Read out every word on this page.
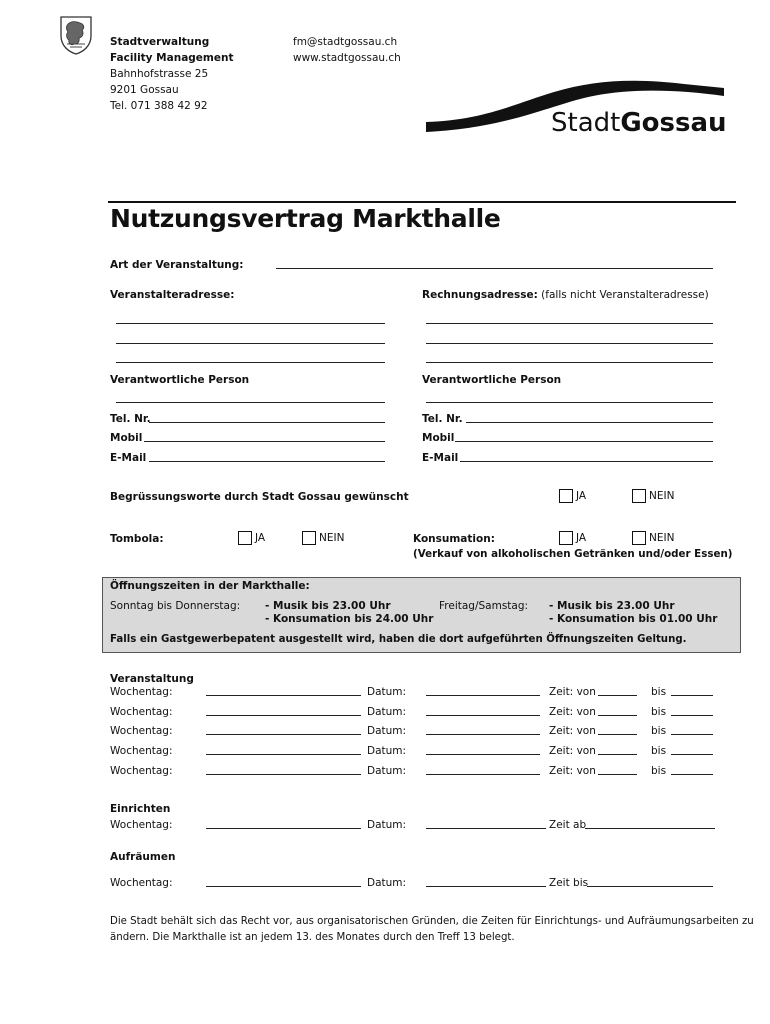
Stadtverwaltung
Facility Management
Bahnhofstrasse 25
9201 Gossau
Tel. 071 388 42 92
fm@stadtgossau.ch
www.stadtgossau.ch
StadtGossau
Nutzungsvertrag Markthalle
Art der Veranstaltung:
Veranstalteradresse:	Rechnungsadresse: (falls nicht Veranstalteradresse)
Verantwortliche Person	Verantwortliche Person
Tel. Nr.	Tel. Nr.
Mobil	Mobil
E-Mail	E-Mail
Begrüssungsworte durch Stadt Gossau gewünscht	JA	NEIN
Tombola:	JA	NEIN	Konsumation:	JA	NEIN
(Verkauf von alkoholischen Getränken und/oder Essen)
Öffnungszeiten in der Markthalle:
Sonntag bis Donnerstag: - Musik bis 23.00 Uhr
- Konsumation bis 24.00 Uhr
Freitag/Samstag: - Musik bis 23.00 Uhr
- Konsumation bis 01.00 Uhr
Falls ein Gastgewerbepatent ausgestellt wird, haben die dort aufgeführten Öffnungszeiten Geltung.
Veranstaltung
Wochentag:	Datum:	Zeit: von	bis
Wochentag:	Datum:	Zeit: von	bis
Wochentag:	Datum:	Zeit: von	bis
Wochentag:	Datum:	Zeit: von	bis
Wochentag:	Datum:	Zeit: von	bis
Einrichten
Wochentag:	Datum:	Zeit ab
Aufräumen
Wochentag:	Datum:	Zeit bis
Die Stadt behält sich das Recht vor, aus organisatorischen Gründen, die Zeiten für Einrichtungs- und Aufräumungsarbeiten zu
ändern. Die Markthalle ist an jedem 13. des Monates durch den Treff 13 belegt.
